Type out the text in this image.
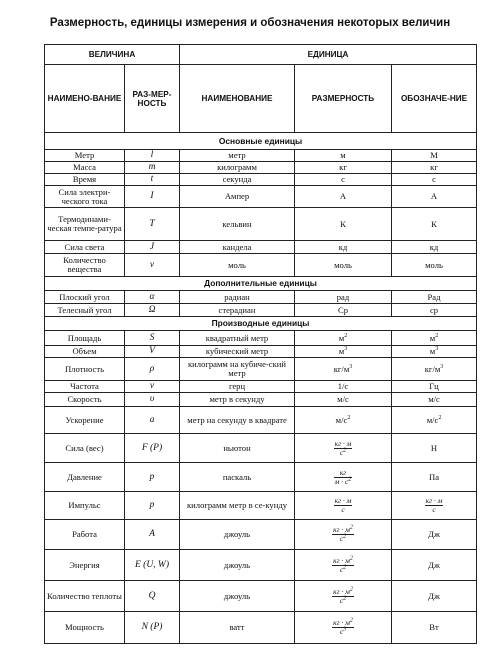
Размерность, единицы измерения и обозначения некоторых величин
ВЕЛИЧИНА		ЕДИНИЦА		
НАИМЕНО-ВАНИЕ	РАЗ-МЕР-НОСТЬ	НАИМЕНОВАНИЕ	РАЗМЕРНОСТЬ	ОБОЗНАЧЕ-НИЕ
Основные единицы				
Метр	l	метр	м	М
Масса	m	килограмм	кг	кг
Время	t	секунда	с	с
Сила электри-ческого тока	I	Ампер	А	А
Термодинами-ческая темпе-ратура	T	кельвин	К	К
Сила света	J	кандела	кд	кд
Количество вещества	ν	моль	моль	моль
Дополнительные единицы				
Плоский угол	α	радиан	рад	Рад
Телесный угол	Ω	стерадиан	Ср	ср
Производные единицы				
Площадь	S	квадратный метр	$м^2$	$м^2$
Объем	V	кубический метр	$м^3$	$м^3$
Плотность	ρ	килограмм на кубиче-ский метр	$кг/м^3$	$кг/м^3$
Частота	ν	герц	1/с	Гц
Скорость	υ	метр в секунду	м/с	м/с
Ускорение	a	метр на секунду в квадрате	$м/с^2$	$м/с^2$
Сила (вес)	F (P)	ньютон	$\frac{кг \cdot м}{с^2}$	Н
Давление	p	паскаль	$\frac{кг}{м \cdot с^2}$	Па
Импульс	p	килограмм метр в се-кунду	$\frac{кг \cdot м}{с}$	$\frac{кг \cdot м}{с}$

Работа	A	джоуль	$\frac{кг \cdot м^2}{с^2}$	Дж
Энергия	E (U, W)	джоуль	$\frac{кг \cdot м^2}{с^2}$	Дж
Количество теплоты	Q	джоуль	$\frac{кг \cdot м^2}{с^2}$	Дж
Мощность	N (P)	ватт	$\frac{кг \cdot м^2}{с^3}$	Вт
